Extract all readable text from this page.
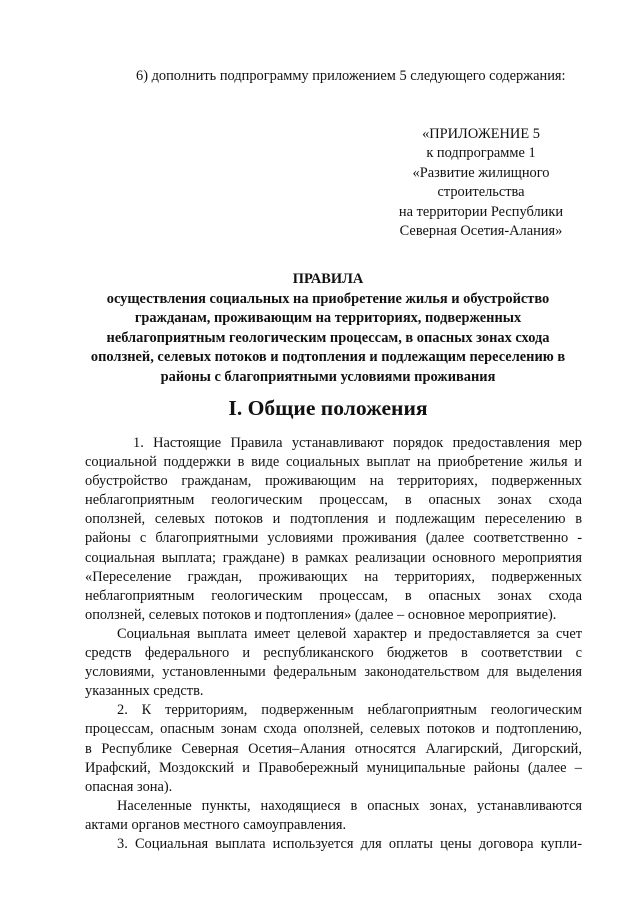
6) дополнить подпрограмму приложением 5 следующего содержания:

«ПРИЛОЖЕНИЕ 5
к подпрограмме 1
«Развитие жилищного
строительства
на территории Республики
Северная Осетия-Алания»
ПРАВИЛА
осуществления социальных на приобретение жилья и обустройство
гражданам, проживающим на территориях, подверженных
неблагоприятным геологическим процессам, в опасных зонах схода
оползней, селевых потоков и подтопления и подлежащим переселению в
районы с благоприятными условиями проживания
I. Общие положения

1. Настоящие Правила устанавливают порядок предоставления мер
социальной поддержки в виде социальных выплат на приобретение жилья и
обустройство гражданам, проживающим на территориях, подверженных
неблагоприятным геологическим процессам, в опасных зонах схода
оползней, селевых потоков и подтопления и подлежащим переселению в
районы с благоприятными условиями проживания (далее соответственно -
социальная выплата; граждане) в рамках реализации основного мероприятия
«Переселение граждан, проживающих на территориях, подверженных
неблагоприятным геологическим процессам, в опасных зонах схода
оползней, селевых потоков и подтопления» (далее – основное мероприятие).

Социальная выплата имеет целевой характер и предоставляется за счет
средств федерального и республиканского бюджетов в соответствии с
условиями, установленными федеральным законодательством для выделения
указанных средств.

2. К территориям, подверженным неблагоприятным геологическим
процессам, опасным зонам схода оползней, селевых потоков и подтоплению,
в Республике Северная Осетия–Алания относятся Алагирский, Дигорский,
Ирафский, Моздокский и Правобережный муниципальные районы (далее –
опасная зона).

Населенные пункты, находящиеся в опасных зонах, устанавливаются
актами органов местного самоуправления.

3. Социальная выплата используется для оплаты цены договора купли-
